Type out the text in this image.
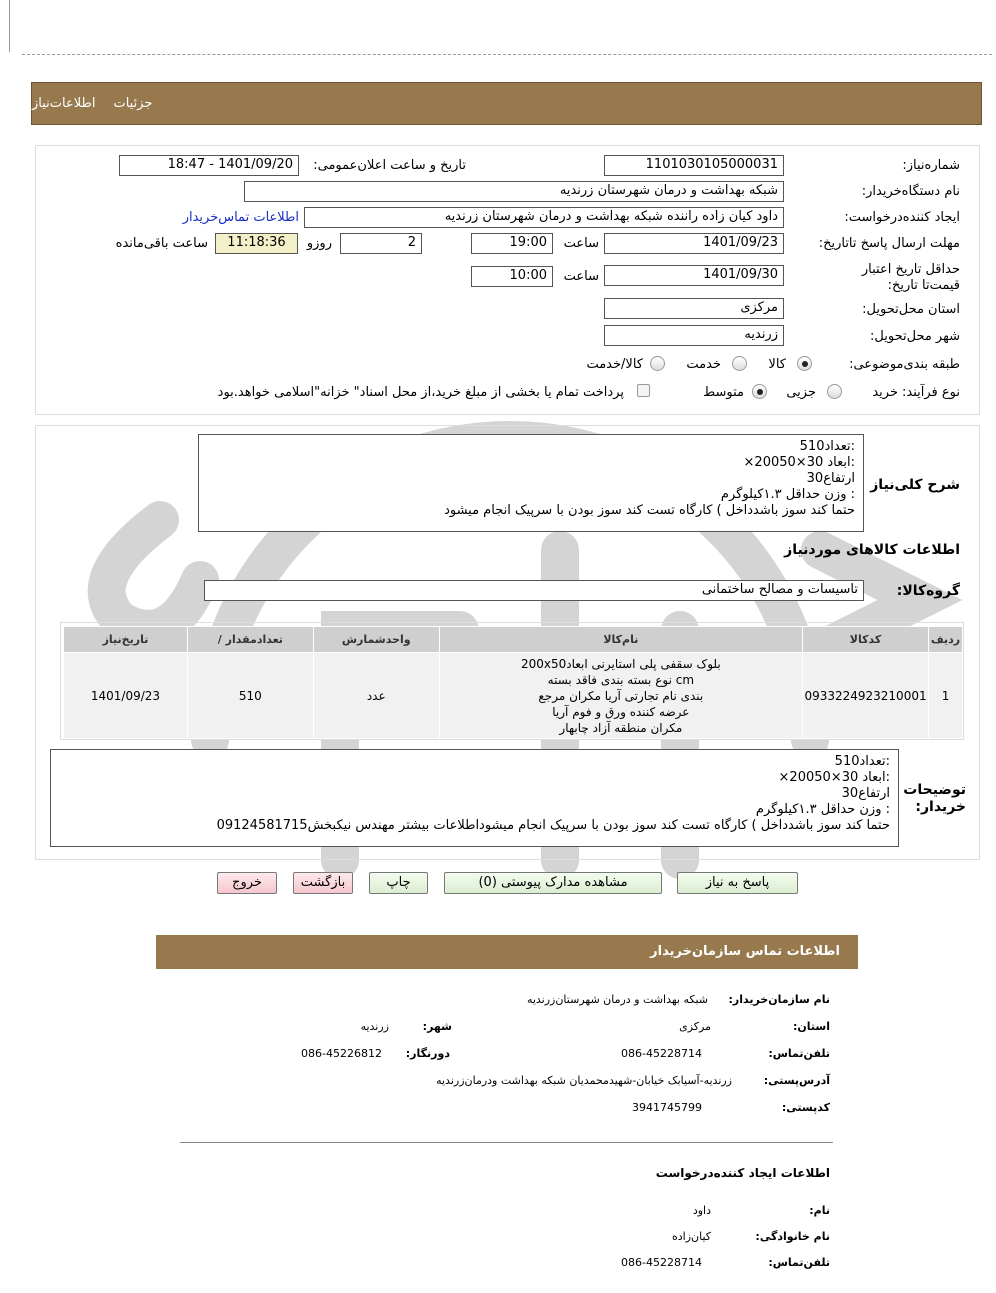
جزئیات
اطلاعات‌نیاز
شماره‌نیاز:
1101030105000031
تاریخ و ساعت اعلان‌عمومی:
1401/09/20 - 18:47
نام دستگاه‌خریدار:
شبکه بهداشت و درمان شهرستان زرندیه
ایجاد کننده‌درخواست:
داود کیان زاده راننده شبکه بهداشت و درمان شهرستان زرندیه
اطلاعات تماس‌خریدار
مهلت ارسال پاسخ تا‌تاریخ:
1401/09/23
ساعت
19:00
2
روزو
11:18:36
ساعت باقی‌مانده
حداقل تاریخ اعتبار قیمت‌تا تاریخ:
1401/09/30
ساعت
10:00
استان محل‌تحویل:
مرکزی
شهر محل‌تحویل:
زرندیه
طبقه بندی‌موضوعی:
کالا
خدمت
کالا/خدمت
نوع فرآیند:
خرید
جزیی
متوسط
پرداخت تمام یا بخشی از مبلغ خرید،از محل اسناد" خزانه"اسلامی خواهد.بود
شرح کلی‌نیاز
:تعداد510
:ابعاد 30×20050×
ارتفاع30
: وزن حداقل ۱.۳کیلوگرم
حتما کند سوز باشدداخل ) کارگاه تست کند سوز بودن با سرپیک انجام میشود
اطلاعات کالاهای موردنیاز
گروه‌کالا:
تاسیسات و مصالح ساختمانی
ردیف	کدکالا	نام‌کالا	واحدشمارش	تعدادمقدار /	تاریخ‌نیاز
1	0933224923210001	بلوک سقفی پلی استایرنی ابعاد200x50
cm نوع بسته بندی فاقد بسته
بندی نام تجارتی آریا مکران مرجع
عرضه کننده ورق و فوم آریا
مکران منطقه آزاد چابهار	عدد	510	1401/09/23
توضیحات خریدار:
:تعداد510
:ابعاد 30×20050×
ارتفاع30
: وزن حداقل ۱.۳کیلوگرم
حتما کند سوز باشدداخل ) کارگاه تست کند سوز بودن با سرپیک انجام میشوداطلاعات بیشتر مهندس نیکبخش09124581715
پاسخ به نیاز
مشاهده مدارک پیوستی (0)
چاپ
بازگشت
خروج
اطلاعات تماس سازمان‌خریدار
نام سازمان‌خریدار:
شبکه بهداشت و درمان شهرستان‌زرندیه
استان:
مرکزی
شهر:
زرندیه
تلفن‌تماس:
086-45228714
دورنگار:
086-45226812
آدرس‌پستی:
زرندیه-آسیابک خیابان-شهیدمحمدیان شبکه بهداشت ودرمان‌زرندیه
کدپستی:
3941745799
اطلاعات ایجاد کننده‌درخواست
نام:
داود
نام خانوادگی:
کیان‌زاده
تلفن‌تماس:
086-45228714
